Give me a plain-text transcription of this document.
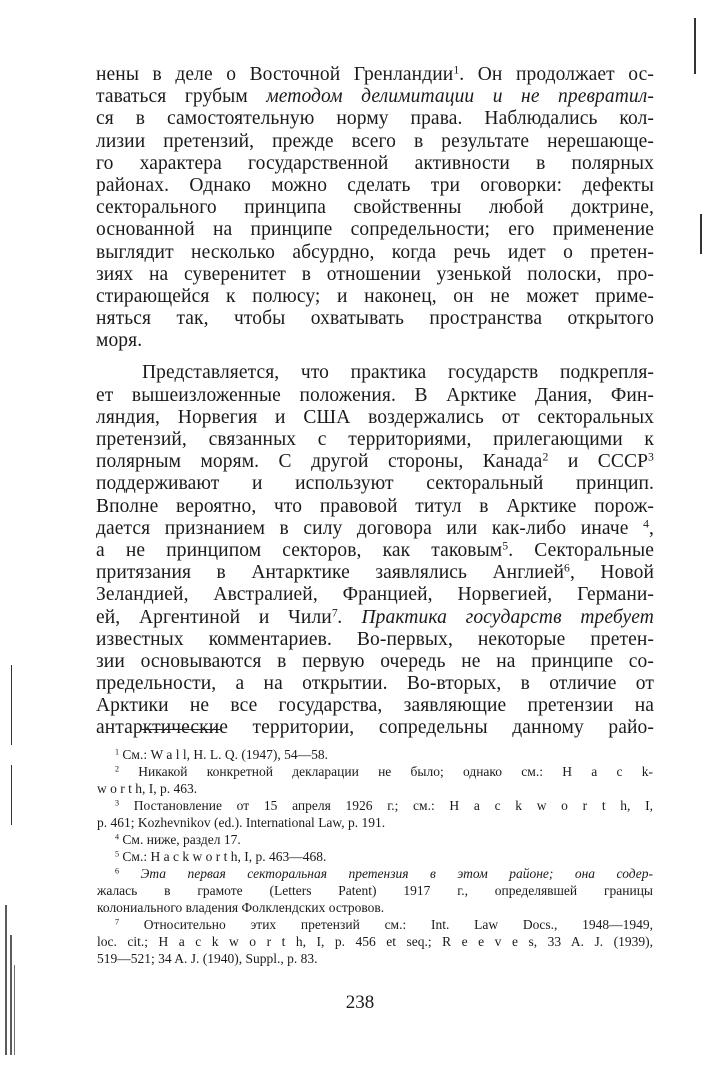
нены в деле о Восточной Гренландии$^1$. Он продолжает ос-
таваться грубым методом делимитации и не превратил-
ся в самостоятельную норму права. Наблюдались кол-
лизии претензий, прежде всего в результате нерешающе-
го характера государственной активности в полярных
районах. Однако можно сделать три оговорки: дефекты
секторального принципа свойственны любой доктрине,
основанной на принципе сопредельности; его применение
выглядит несколько абсурдно, когда речь идет о претен-
зиях на суверенитет в отношении узенькой полоски, про-
стирающейся к полюсу; и наконец, он не может приме-
няться так, чтобы охватывать пространства открытого
моря.
Представляется, что практика государств подкрепля-
ет вышеизложенные положения. В Арктике Дания, Фин-
ляндия, Норвегия и США воздержались от секторальных
претензий, связанных с территориями, прилегающими к
полярным морям. С другой стороны, Канада$^2$ и СССР$^3$
поддерживают и используют секторальный принцип.
Вполне вероятно, что правовой титул в Арктике порож-
дается признанием в силу договора или как-либо иначе $^4$,
а не принципом секторов, как таковым$^5$. Секторальные
притязания в Антарктике заявлялись Англией$^6$, Новой
Зеландией, Австралией, Францией, Норвегией, Германи-
ей, Аргентиной и Чили$^7$. Практика государств требует
известных комментариев. Во-первых, некоторые претен-
зии основываются в первую очередь не на принципе со-
предельности, а на открытии. Во-вторых, в отличие от
Арктики не все государства, заявляющие претензии на
антарктические территории, сопредельны данному райо-
$^1$ См.: W a l l, H. L. Q. (1947), 54—58.
$^2$ Никакой конкретной декларации не было; однако см.: H a c k-
w o r t h, I, p. 463.
$^3$ Постановление от 15 апреля 1926 г.; см.: H a c k w o r t h, I,
p. 461; Kozhevnikov (ed.). International Law, p. 191.
$^4$ См. ниже, раздел 17.
$^5$ См.: H a c k w o r t h, I, p. 463—468.
$^6$ Эта первая секторальная претензия в этом районе; она содер-
жалась в грамоте (Letters Patent) 1917 г., определявшей границы
колониального владения Фолклендских островов.
$^7$ Относительно этих претензий см.: Int. Law Docs., 1948—1949,
loc. cit.; H a c k w o r t h, I, p. 456 et seq.; R e e v e s, 33 A. J. (1939),
519—521; 34 A. J. (1940), Suppl., p. 83.
238
